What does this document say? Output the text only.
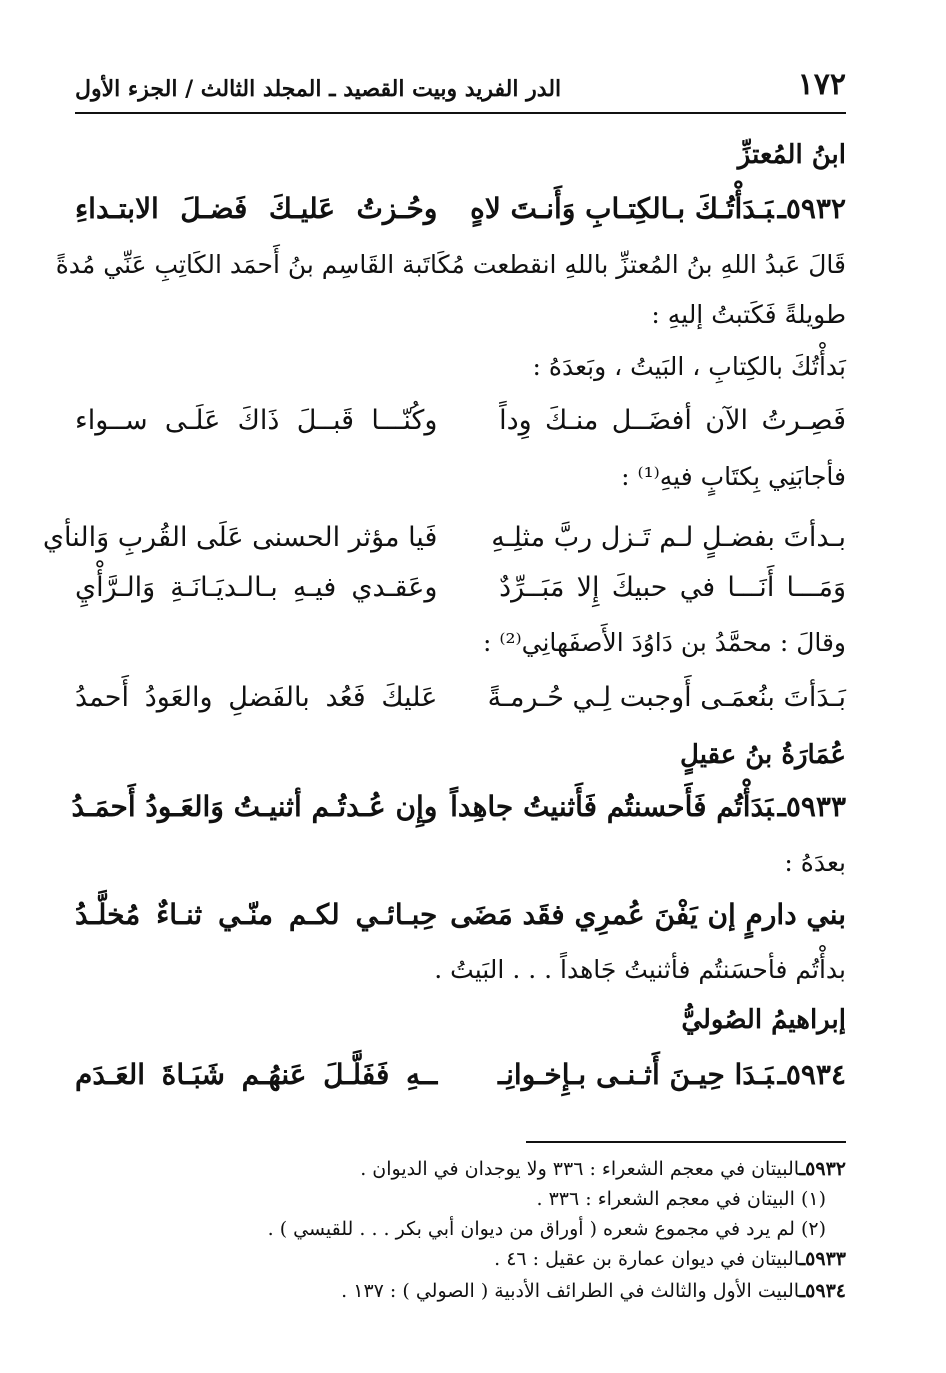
١٧٢
الدر الفريد وبيت القصيد ـ المجلد الثالث / الجزء الأول
ابنُ المُعتزِّ
٥٩٣٢ـبَـدَأْتُـكَ بـالكِتـابِ وَأَنـتَ لاهٍ
وحُـزتُ عَليـكَ فَضـلَ الابتـداءِ
قَالَ عَبدُ اللهِ بنُ المُعتزِّ باللهِ انقطعت مُكَاتَبة القَاسِم بنُ أَحمَد الكَاتِبِ عَنِّي مُدةً
طويلةً فَكَتبتُ إليهِ :
بَدأْتُكَ بالكِتابِ ، البَيتُ ، وبَعدَهُ :
فَصِـرتُ الآن أفضَــل منـكَ وِداً
وكُنّـــا قَبــلَ ذَاكَ عَلَـى ســواء
فأجابَنِي بِكتَابٍ فيهِ⁽¹⁾ :
بـدأتَ بفضـلٍ لـم تَـزل ربَّ مثلِـهِ
فَيا مؤثر الحسنى عَلَى القُربِ وَالنأي
وَمَـــا أَنَـــا في حبيكَ إِلا مَبَــرِّدٌ
وعَقـدي فيـهِ بـالـديَـانَـةِ وَالـرَّأْيِ
وقالَ : محمَّدُ بن دَاوُدَ الأَصفَهانِي⁽²⁾ :
بَـدَأتَ بنُعمَـى أَوجبت لِـي حُـرمـةً
عَليكَ فَعُد بالفَضلِ والعَودُ أَحمدُ
عُمَارَةُ بنُ عقيلٍ
٥٩٣٣ـبَدَأْتُم فَأَحسنتُم فَأَثنيتُ جاهِداً
وإِن عُـدتُـم أثنيـتُ وَالعَـودُ أَحمَـدُ
بعدَهُ :
بني دارمٍ إن يَفْنَ عُمرِي فقَد مَضَى
حِبـائـي لكـم منّـي ثنـاءٌ مُخلَّـدُ
بدأْتُم فأحسَنتُم فأثنيتُ جَاهداً . . . البَيتُ .
إبراهيمُ الصُوليُّ
٥٩٣٤ـبَـدَا حِيـنَ أَثـنـى بـإِخـوانِـ
ــهِ فَفَلَّـلَ عَنهُـم شَبَـاةَ العَـدَم
٥٩٣٢ـالبيتان في معجم الشعراء : ٣٣٦ ولا يوجدان في الديوان .
(١) البيتان في معجم الشعراء : ٣٣٦ .
(٢) لم يرد في مجموع شعره ( أوراق من ديوان أبي بكر . . . للقيسي ) .
٥٩٣٣ـالبيتان في ديوان عمارة بن عقيل : ٤٦ .
٥٩٣٤ـالبيت الأول والثالث في الطرائف الأدبية ( الصولي ) : ١٣٧ .
